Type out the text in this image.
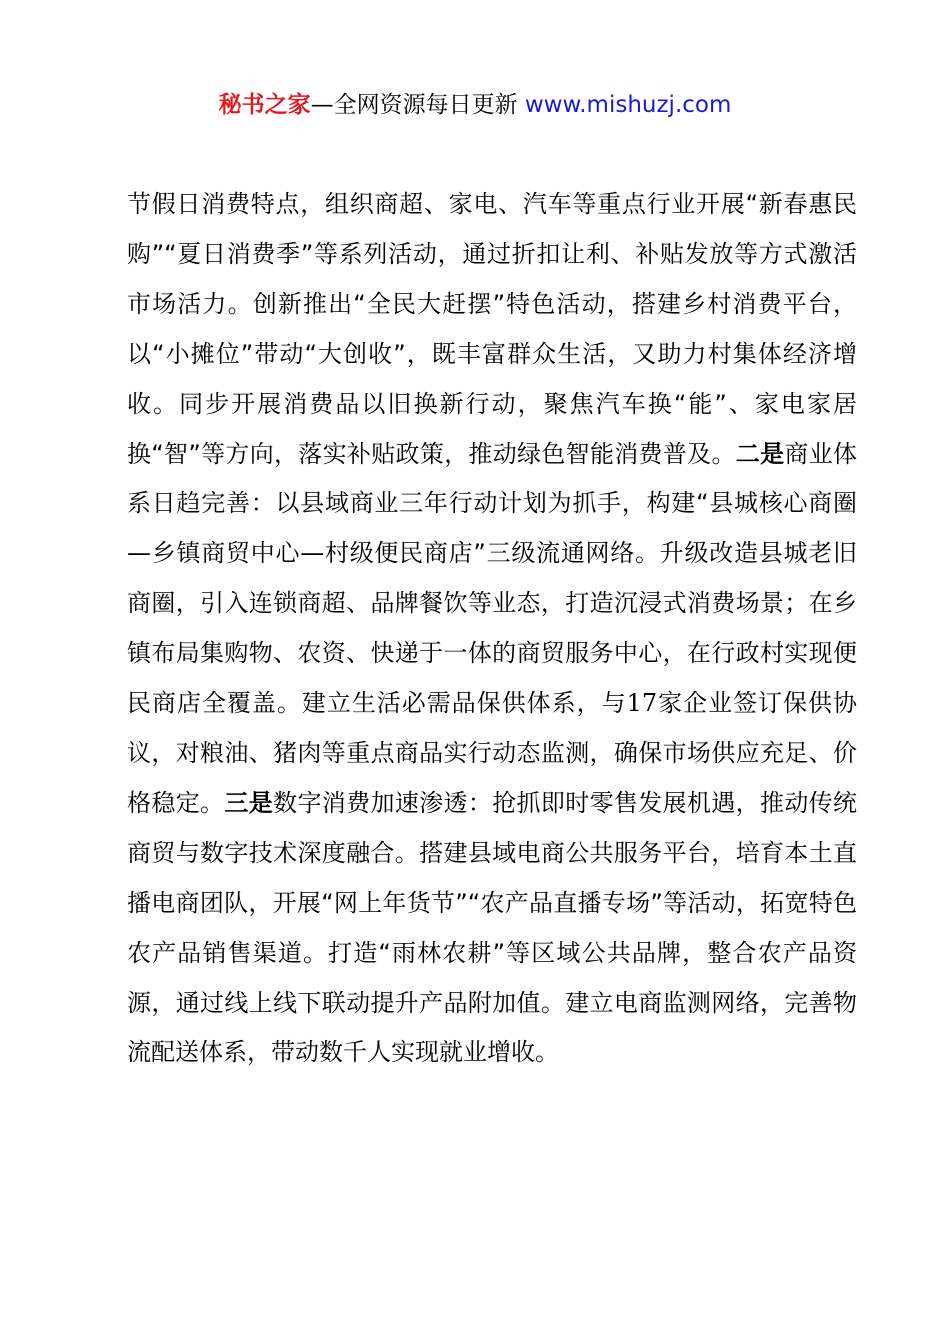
秘书之家—全网资源每日更新 www.mishuzj.com

节假日消费特点，组织商超、家电、汽车等重点行业开展“新春惠民购”“夏日消费季”等系列活动，通过折扣让利、补贴发放等方式激活市场活力。创新推出“全民大赶摆”特色活动，搭建乡村消费平台，以“小摊位”带动“大创收”，既丰富群众生活，又助力村集体经济增收。同步开展消费品以旧换新行动，聚焦汽车换“能”、家电家居换“智”等方向，落实补贴政策，推动绿色智能消费普及。二是商业体系日趋完善：以县域商业三年行动计划为抓手，构建“县城核心商圈—乡镇商贸中心—村级便民商店”三级流通网络。升级改造县城老旧商圈，引入连锁商超、品牌餐饮等业态，打造沉浸式消费场景；在乡镇布局集购物、农资、快递于一体的商贸服务中心，在行政村实现便民商店全覆盖。建立生活必需品保供体系，与17家企业签订保供协议，对粮油、猪肉等重点商品实行动态监测，确保市场供应充足、价格稳定。三是数字消费加速渗透：抢抓即时零售发展机遇，推动传统商贸与数字技术深度融合。搭建县域电商公共服务平台，培育本土直播电商团队，开展“网上年货节”“农产品直播专场”等活动，拓宽特色农产品销售渠道。打造“雨林农耕”等区域公共品牌，整合农产品资源，通过线上线下联动提升产品附加值。建立电商监测网络，完善物流配送体系，带动数千人实现就业增收。
